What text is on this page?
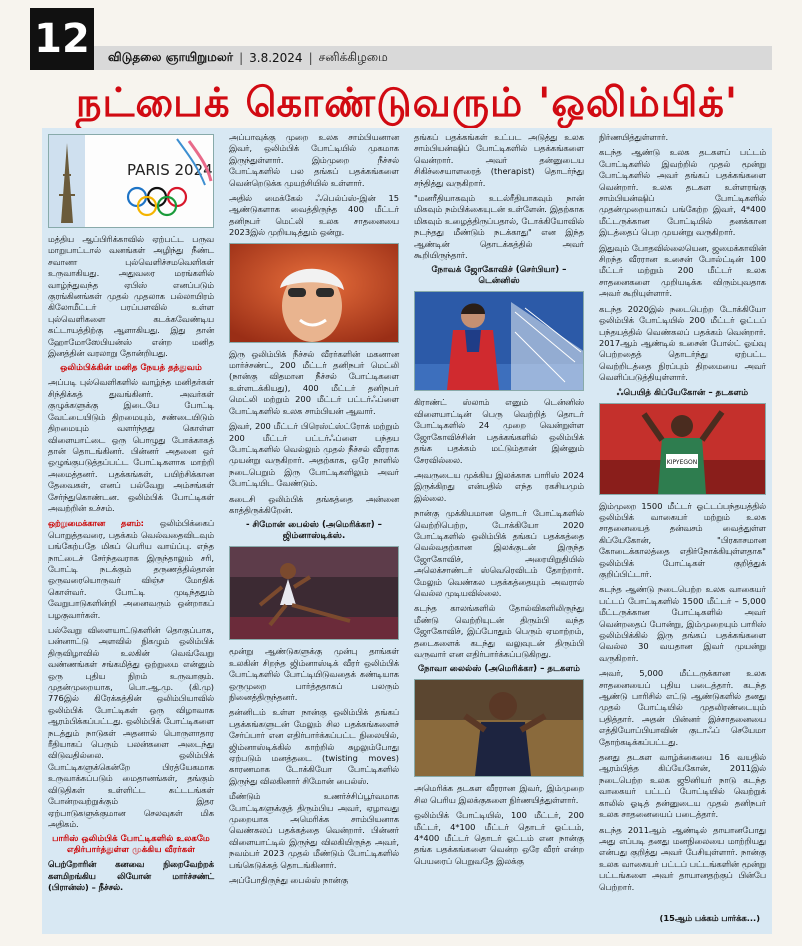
12	விடுதலை ஞாயிறுமலர் | 3.8.2024 | சனிக்கிழமை
நட்பைக் கொண்டுவரும் 'ஒலிம்பிக்'
PARIS 2024

மத்திய ஆப்பிரிக்காவில் ஏற்பட்ட பருவ மாறுபாட்டால் வனங்கள் அழிந்து நீண்ட சவானா புல்வெளிச்சமவெளிகள் உருவாகியது. அதுவரை மரங்களில் வாழ்ந்துவந்த ஏபிஸ் எனப்படும் குரங்கினங்கள் முதல் முதலாக பல்லாயிரம் கிலோமீட்டர் பரப்பளவில் உள்ள புல்வெளிகளை கடக்கவேண்டிய கட்டாயத்திற்கு ஆளாகியது. இது தான் ஹோமோஸேபியன்ஸ் என்ற மனித இனத்தின் வரலாறு தோன்றியது.

ஒலிம்பிக்கின் மனித நேயத் தத்துவம்

அப்படி புல்வெளிகளில் வாழ்ந்த மனிதர்கள் சிந்திக்கத் துவங்கினர். அவர்கள் குழுக்களுக்கு இடையே போட்டி வேட்டையிடும் திறமையும், சண்டையிடும் திறமையும் வளர்ந்தது கொள்ள விளையாட்டை ஒரு பொழுது போக்காகத் தான் தொடங்கினர். பின்னர் அதனை ஒர் ஒழுங்குபடுத்தப்பட்ட போட்டிகளாக மாற்றி அமைத்தனர். பதக்கங்கள், பயிற்சிக்கான தேவைகள், எனப் பல்வேறு அம்சங்கள் சேர்ந்துகொண்டன. ஒலிம்பிக் போட்டிகள் அவற்றின் உச்சம்.

ஒற்றுமைக்கான தளம்: ஒலிம்பிக்கைப் பொறுத்தவரை, பதக்கம் வெல்வதைவிடவும் பங்கேற்பதே மிகப் பெரிய வாய்ப்பு. எந்த நாட்டைச் சேர்ந்தவராக இருந்தாலும் சரி, போட்டி நடக்கும் தருணத்தில்தான் ஒருவரையொருவர் விஞ்ச மோதிக் கொள்வர். போட்டி முடிந்ததும் வேறுபாடுகளின்றி அனைவரும் ஒன்றாகப் பழகுவார்கள்.

பல்வேறு விளையாட்டுகளின் தொகுப்பாக, பன்னாட்டு அளவில் நிகழும் ஒலிம்பிக் திருவிழாவில் உலகின் வெவ்வேறு வண்ணங்கள் சங்கமித்து ஒற்றுமை என்னும் ஒரு புதிய நிறம் உருவாகும். முதன்முறையாக, பொ.ஆ.மு. (கி.மு) 776இல் கிரேக்கத்தின் ஒலிம்பியாவில் ஒலிம்பிக் போட்டிகள் ஒரு விழாவாக ஆரம்பிக்கப்பட்டது. ஒலிம்பிக் போட்டிகளை நடத்தும் நாடுகள் அதனால் பொருளாதார ரீதியாகப் பெரும் பலன்களை அடைந்து விடுவதில்லை. ஒலிம்பிக் போட்டிகளுக்கென்றே பிரத்யேகமாக உருவாக்கப்படும் மைதானங்கள், தங்கும் விடுதிகள் உள்ளிட்ட கட்டடங்கள் போன்றவற்றுக்கும் இதர ஏற்பாடுகளுக்குமான செலவுகள் மிக அதிகம்.

பாரிஸ் ஒலிம்பிக் போட்டிகளில் உலகமே எதிர்பார்த்துள்ள முக்கிய வீரர்கள்

பெற்றோரின் கனவை நிறைவேற்றக் களமிறங்கிய லியோன் மார்ச்சண்ட் (பிரான்ஸ்) – நீச்சல்.

அப்பாவுக்கு முறை உலக சாம்பியனான இவர், ஒலிம்பிக் போட்டியில் முகமாக இருந்துள்ளார். இம்முறை நீச்சல் போட்டிகளில் பல தங்கப் பதக்கங்களை வென்றெடுக்க முயற்சியில் உள்ளார்.

அதில் மைக்கேல் ஃபெல்ப்ஸ்-இன் 15 ஆண்டுகளாக வைத்திருந்த 400 மீட்டர் தனிநபர் மெட்லி உலக சாதனையை 2023இல் முறியடித்தும் ஒன்று.

இரு ஒலிம்பிக் நீச்சல் வீரர்களின் மகனான மார்ச்சண்ட், 200 மீட்டர் தனிநபர் மெட்லி (நான்கு விதமான நீச்சல் போட்டிகளை உள்ளடக்கியது), 400 மீட்டர் தனிநபர் மெட்லி மற்றும் 200 மீட்டர் பட்டர்ஃப்ளை போட்டிகளில் உலக சாம்பியன் ஆவார்.

இவர், 200 மீட்டர் பிரெஸ்ட்ஸ்ட்ரோக் மற்றும் 200 மீட்டர் பட்டர்ஃப்ளை பந்தய போட்டிகளில் வெல்லும் முதல் நீச்சல் வீரராக முயன்று வருகிறார். அதற்காக, ஒரே நாளில் நடைபெறும் இரு போட்டிகளிலும் அவர் போட்டியிட வேண்டும்.

கடைசி ஒலிம்பிக் தங்கத்தை அன்னை காத்திருக்கிறேன்.

- சிமோன் பைல்ஸ் (அமெரிக்கா) – ஜிம்னாஸ்டிக்ஸ்.

மூன்று ஆண்டுகளுக்கு முன்பு தாங்கள் உலகின் சிறந்த ஜிம்னாஸ்டிக் வீரர் ஒலிம்பிக் போட்டிகளில் போட்டியிடுவதைக் கண்டியாக ஒருமுறை பார்த்ததாகப் பலரும் நினைத்திருந்தனர்.

தன்னிடம் உள்ள நான்கு ஒலிம்பிக் தங்கப் பதக்கங்களுடன் மேலும் சில பதக்கங்களைச் சேர்ப்பார் என எதிர்பார்க்கப்பட்ட நிலையில், ஜிம்னாஸ்டிக்கில் காற்றில் சுழலும்போது ஏற்படும் மனத்தடை (twisting moves) காரணமாக டோக்கியோ போட்டிகளில் இருந்து விலகினார் சிமோன் பைல்ஸ்.

மீண்டும் உணர்ச்சிப்பூர்வமாக போட்டிகளுக்குத் திரும்பிய அவர், ஏழாவது முறையாக அமெரிக்க சாம்பியனாக வெண்கலப் பதக்கத்தை வென்றார். பின்னர் விளையாட்டில் இருந்து விலகியிருந்த அவர், நவம்பர் 2023 முதல் மீண்டும் போட்டிகளில் பங்கெடுக்கத் தொடங்கினார்.

அப்போதிருந்து பைல்ஸ் நான்கு

தங்கப் பதக்கங்கள் உட்பட அடுத்து உலக சாம்பியன்ஷிப் போட்டிகளில் பதக்கங்களை வென்றார். அவர் தன்னுடைய சிகிச்சையாளரைத் (therapist) தொடர்ந்து சந்தித்து வருகிறார்.

"மனரீதியாகவும் உடல்ரீதியாகவும் நான் மிகவும் நம்பிக்கையுடன் உள்ளேன். இதற்காக மிகவும் உழைத்திருப்பதால், டோக்கியோவில் நடந்தது மீண்டும் நடக்காது" என இந்த ஆண்டின் தொடக்கத்தில் அவர் கூறியிருந்தார்.

நோவக் ஜோகோவிச் (செர்பியா) – டென்னிஸ்

கிராண்ட் ஸ்லாம் எனும் டென்னிஸ் விளையாட்டின் பெரு வெற்றித் தொடர் போட்டிகளில் 24 முறை வென்றுள்ள ஜோகோவிச்சின் பதக்கங்களில் ஒலிம்பிக் தங்க பதக்கம் மட்டும்தான் இன்னும் சேரவில்லை.

அவருடைய முக்கிய இலக்காக பாரிஸ் 2024 இருக்கிறது என்பதில் எந்த ரகசியமும் இல்லை.

நான்கு முக்கியமான தொடர் போட்டிகளில் வெற்றிபெற்ற, டோக்கியோ 2020 போட்டிகளில் ஒலிம்பிக் தங்கப் பதக்கத்தை வெல்வதற்கான இலக்குடன் இருந்த ஜோகோவிச், அரையிறுதியில் அலெக்சாண்டர் ஸ்வெரெவிடம் தோற்றார். மேலும் வெண்கல பதக்கத்தையும் அவரால் வெல்ல முடியவில்லை.

கடந்த காலங்களில் தோல்விகளிலிருந்து மீண்டு வெற்றியுடன் திரும்பி வந்த ஜோகோவிச், இப்போதும் பெரும் ஏமாற்றம், தடைகளைக் கடந்து வலுவுடன் திரும்பி வருவார் என எதிர்பார்க்கப்படுகிறது.

நோவா லைல்ஸ் (அமெரிக்கா) – தடகளம்

அமெரிக்க தடகள வீரரான இவர், இம்முறை சில பெரிய இலக்குகளை நிர்ணயித்துள்ளார்.

ஒலிம்பிக் போட்டியில், 100 மீட்டர், 200 மீட்டர், 4*100 மீட்டர் தொடர் ஓட்டம், 4*400 மீட்டர் தொடர் ஓட்டம் என நான்கு தங்க பதக்கங்களை வென்ற ஒரே வீரர் என்ற பெயரைப் பெறுவதே இலக்கு

நிர்ணயித்துள்ளார்.

கடந்த ஆண்டு உலக தடகளப் பட்டம் போட்டிகளில் இவற்றில் முதல் மூன்று போட்டிகளில் அவர் தங்கப் பதக்கங்களை வென்றார். உலக தடகள உள்ளரங்கு சாம்பியன்ஷிப் போட்டிகளில் முதன்முறையாகப் பங்கேற்ற இவர், 4*400 மீட்டருக்கான போட்டியில் தனக்கான இடத்தைப் பெற முயன்று வருகிறார்.

இதுவும் போதவில்லையென, ஜமைக்காவின் சிறந்த வீரரான உசைன் போல்ட்டின் 100 மீட்டர் மற்றும் 200 மீட்டர் உலக சாதனைகளை முறியடிக்க விரும்புவதாக அவர் கூறியுள்ளார்.

கடந்த 2020இல் நடைபெற்ற டோக்கியோ ஒலிம்பிக் போட்டியில் 200 மீட்டர் ஓட்டப் பந்தயத்தில் வெண்கலப் பதக்கம் வென்றார். 2017ஆம் ஆண்டில் உசைன் போல்ட் ஓய்வு பெற்றதைத் தொடர்ந்து ஏற்பட்ட வெற்றிடத்தை நிரப்பும் திறமையை அவர் வெளிப்படுத்தியுள்ளார்.

ஃபெயித் கிப்யேகோன் – தடகளம்
KIPYEGON

இம்முறை 1500 மீட்டர் ஓட்டப்பந்தயத்தில் ஒலிம்பிக் வாகையர் மற்றும் உலக சாதனையைத் தன்வசம் வைத்துள்ள கிப்யேகோன், "பிரகாசமான கோடைக்காலத்தை எதிர்நோக்கியுள்ளதாக" ஒலிம்பிக் போட்டிகள் குறித்துக் குறிப்பிட்டார்.

கடந்த ஆண்டு நடைபெற்ற உலக வாகையர் பட்டப் போட்டிகளில் 1500 மீட்டர் – 5,000 மீட்டருக்கான போட்டிகளில் அவர் வென்றதைப் போன்று, இம்முறையும் பாரிஸ் ஒலிம்பிக்கில் இரு தங்கப் பதக்கங்களை வெல்ல 30 வயதான இவர் முயன்று வருகிறார்.

அவர், 5,000 மீட்டருக்கான உலக சாதனையைப் புதிய படைத்தார். கடந்த ஆண்டு பாரிசில் எட்டு ஆண்டுகளில் தனது முதல் போட்டியில் முதலிரண்டையும் பதித்தார். அதன் பின்னர் இச்சாதனையை எத்தியோப்பியாவின் குடாஃப் செயேமா தோற்கடிக்கப்பட்டது.

தனது தடகள வாழ்க்கையை 16 வயதில் ஆரம்பித்த கிப்யேகோன், 2011இல் நடைபெற்ற உலக ஜூனியர் நாடு கடந்த வாகையர் பட்டப் போட்டியில் வெற்றுக் காலில் ஓடித் தன்னுடைய முதல் தனிநபர் உலக சாதனையைப் படைத்தார்.

கடந்த 2011ஆம் ஆண்டில் தாயானபோது அது எப்படி தனது மனநிலையை மாற்றியது என்பது குறித்து அவர் பேசியுள்ளார். நான்கு உலக வாகையர் பட்டப் பட்டங்களின் மூன்று பட்டங்களை அவர் தாயானதற்குப் பின்பே பெற்றார்.

(15ஆம் பக்கம் பார்க்க...)
